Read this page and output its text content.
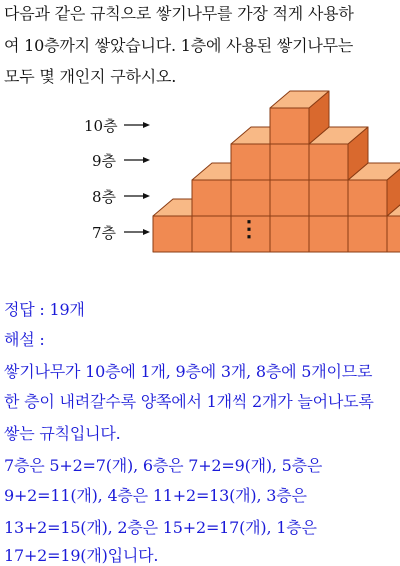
다음과 같은 규칙으로 쌓기나무를 가장 적게 사용하
여 10층까지 쌓았습니다. 1층에 사용된 쌓기나무는
모두 몇 개인지 구하시오.
10층
9층
8층
7층	⋮
정답 : 19개
해설 :
쌓기나무가 10층에 1개, 9층에 3개, 8층에 5개이므로
한 층이 내려갈수록 양쪽에서 1개씩 2개가 늘어나도록
쌓는 규칙입니다.
7층은 5+2=7(개), 6층은 7+2=9(개), 5층은
9+2=11(개), 4층은 11+2=13(개), 3층은
13+2=15(개), 2층은 15+2=17(개), 1층은
17+2=19(개)입니다.
